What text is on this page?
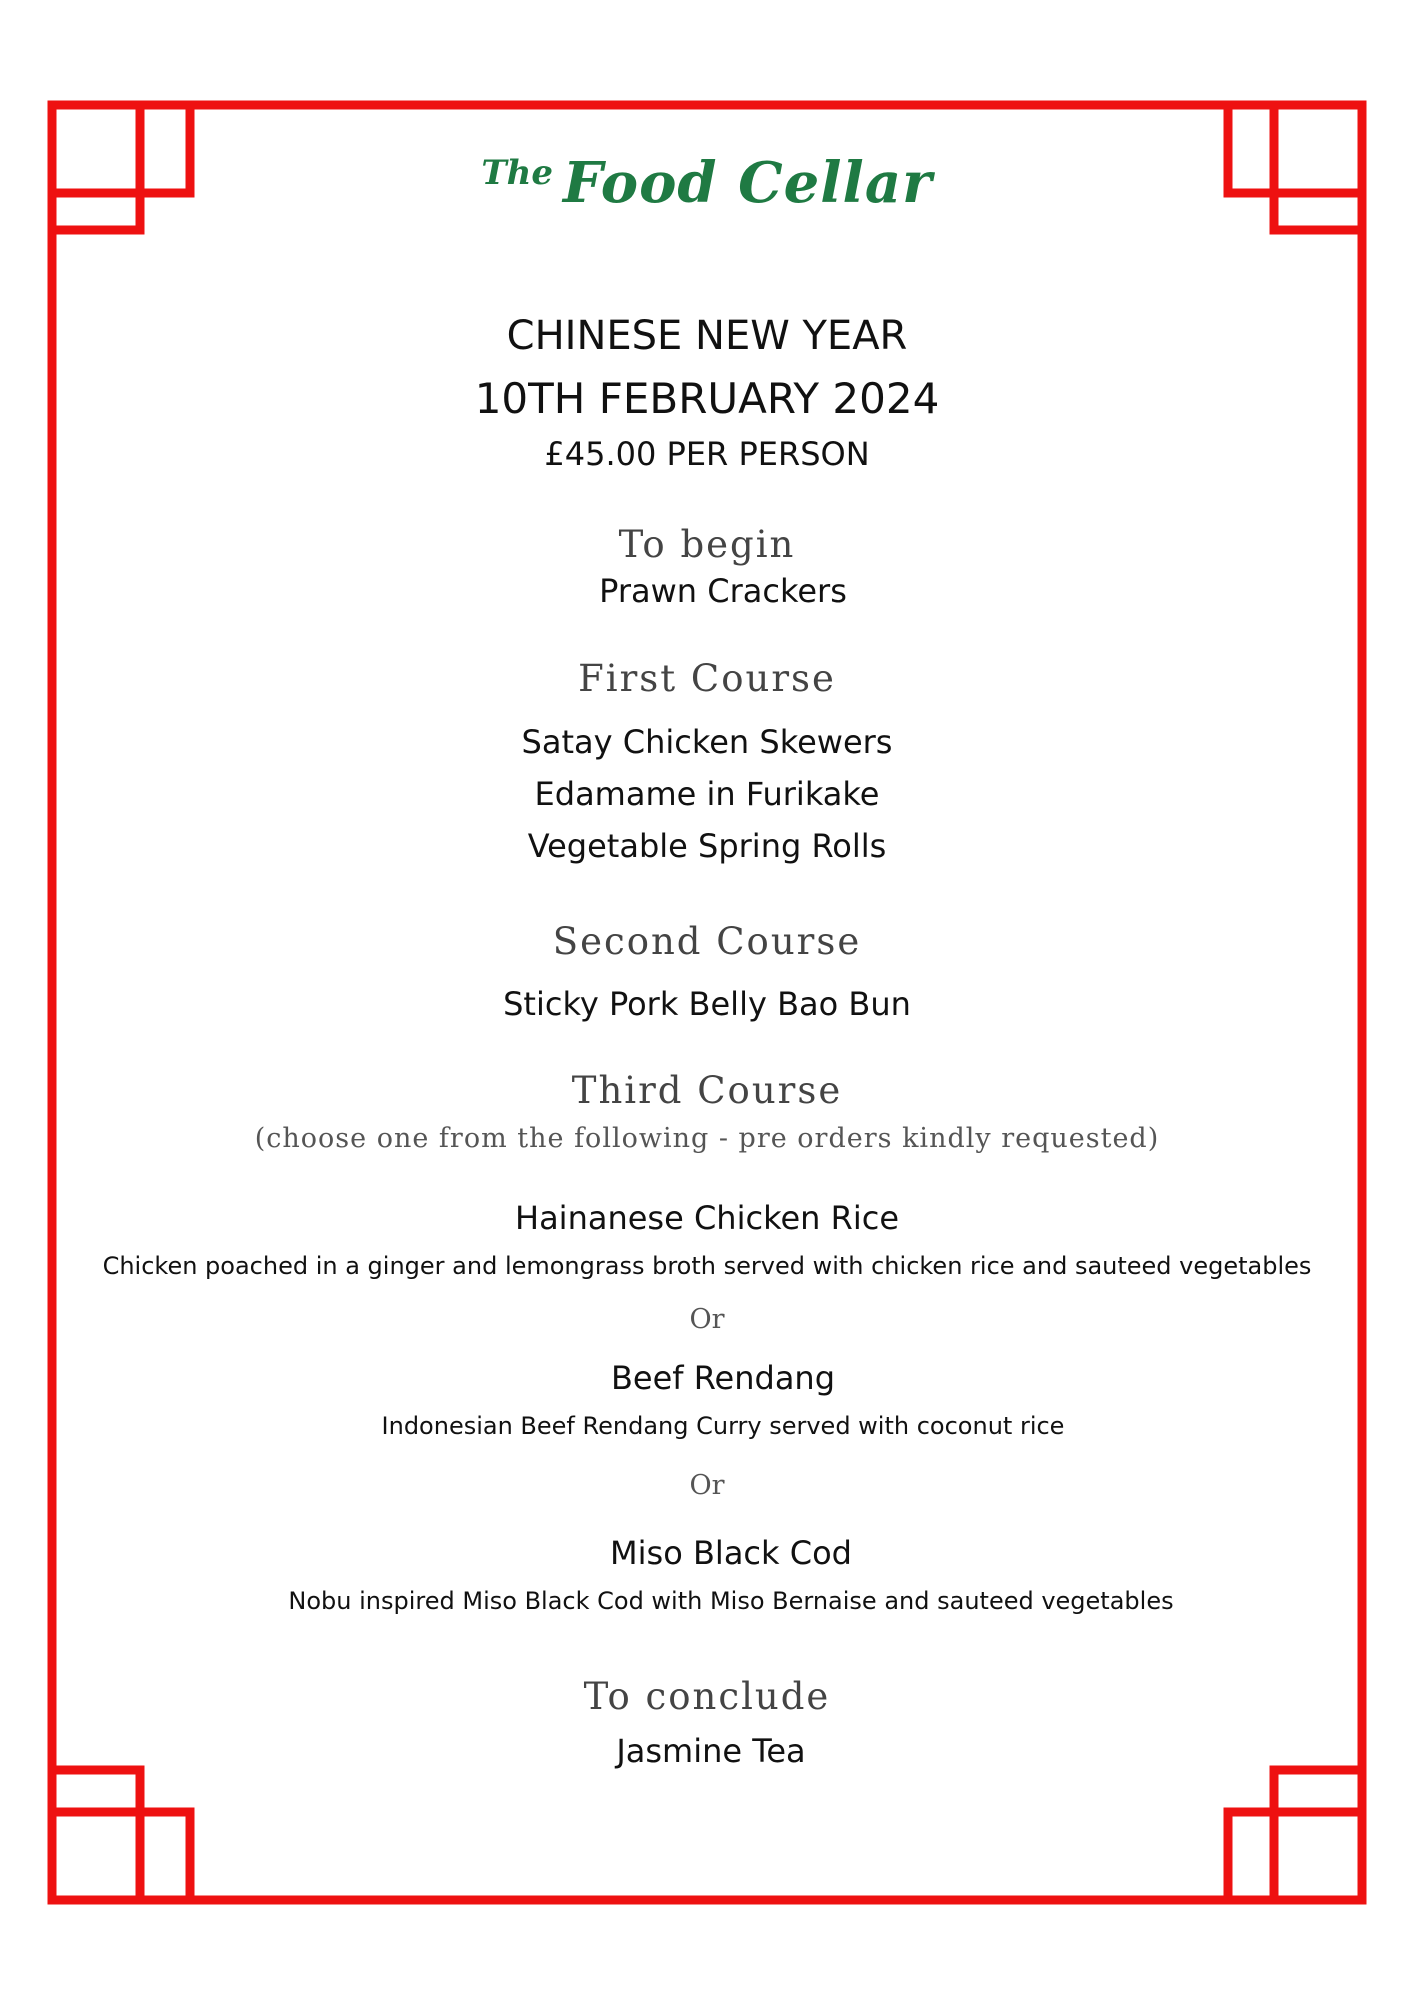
The Food Cellar
CHINESE NEW YEAR
10TH FEBRUARY 2024
£45.00 PER PERSON
To begin
Prawn Crackers
First Course
Satay Chicken Skewers
Edamame in Furikake
Vegetable Spring Rolls
Second Course
Sticky Pork Belly Bao Bun
Third Course
(choose one from the following - pre orders kindly requested)
Hainanese Chicken Rice
Chicken poached in a ginger and lemongrass broth served with chicken rice and sauteed vegetables
Or
Beef Rendang
Indonesian Beef Rendang Curry served with coconut rice
Or
Miso Black Cod
Nobu inspired Miso Black Cod with Miso Bernaise and sauteed vegetables
To conclude
Jasmine Tea
